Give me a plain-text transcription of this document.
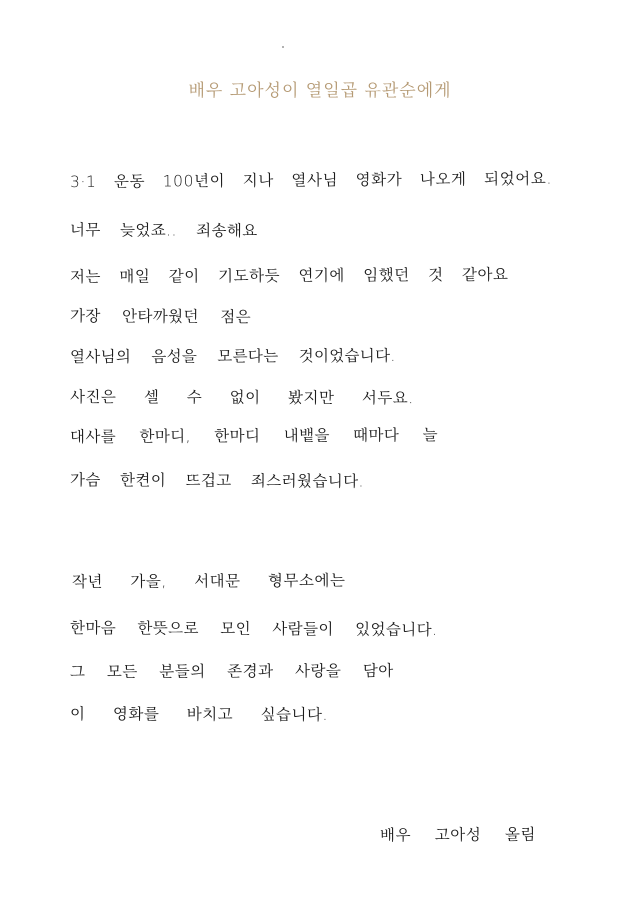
배우 고아성이 열일곱 유관순에게
3·1 운동 100년이 지나 열사님 영화가 나오게 되었어요.
너무 늦었죠.. 죄송해요
저는 매일 같이 기도하듯 연기에 임했던 것 같아요
가장 안타까웠던 점은
열사님의 음성을 모른다는 것이었습니다.
사진은 셀 수 없이 봤지만 서두요.
대사를 한마디, 한마디 내뱉을 때마다 늘
가슴 한켠이 뜨겁고 죄스러웠습니다.
작년 가을, 서대문 형무소에는
한마음 한뜻으로 모인 사람들이 있었습니다.
그 모든 분들의 존경과 사랑을 담아
이 영화를 바치고 싶습니다.
배우 고아성 올림
